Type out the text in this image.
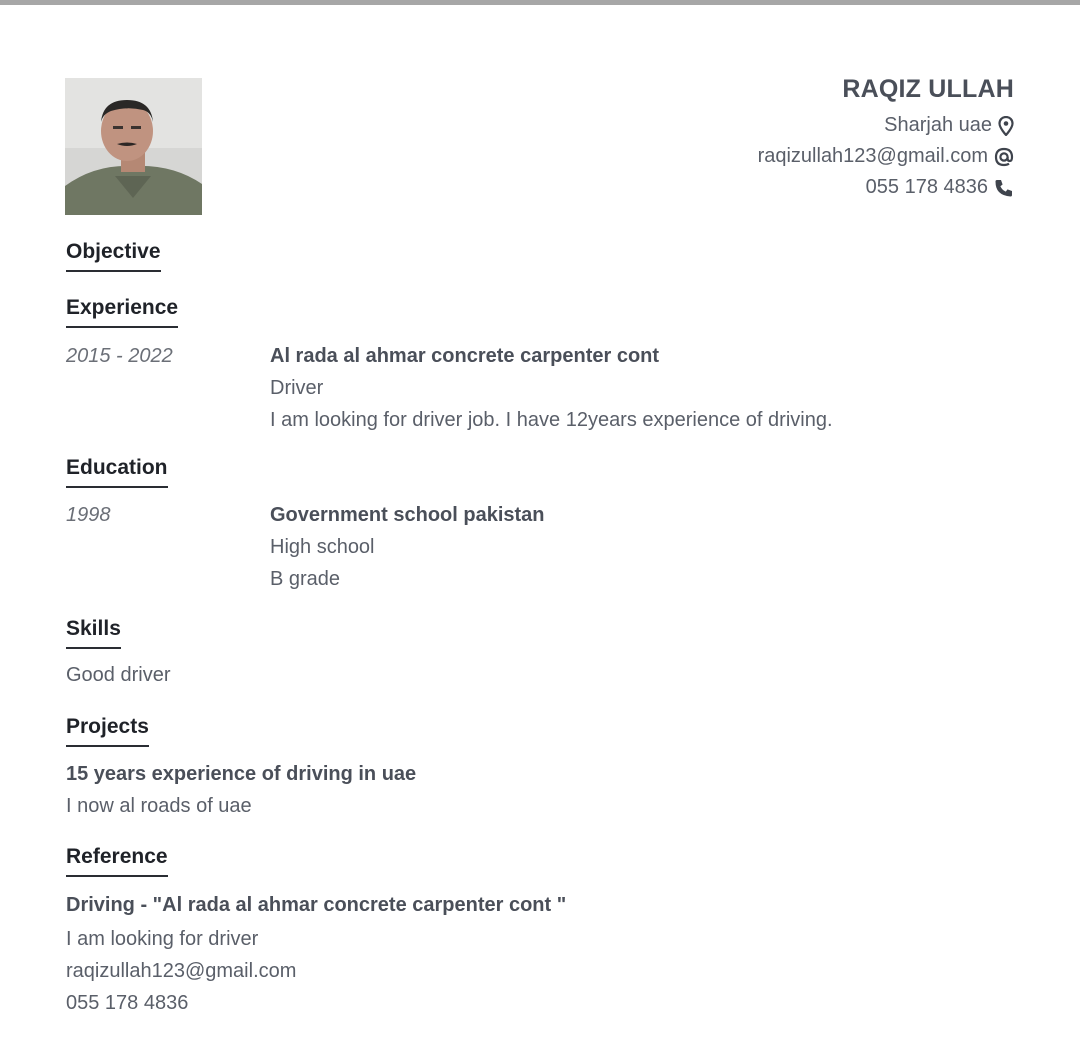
RAQIZ ULLAH
Sharjah uae
raqizullah123@gmail.com
055 178 4836
Objective
Experience
2015 - 2022	Al rada al ahmar concrete carpenter cont
Driver
I am looking for driver job. I have 12years experience of driving.
Education
1998	Government school pakistan
High school
B grade
Skills
Good driver
Projects
15 years experience of driving in uae
I now al roads of uae
Reference
Driving - "Al rada al ahmar concrete carpenter cont "
I am looking for driver
raqizullah123@gmail.com
055 178 4836
